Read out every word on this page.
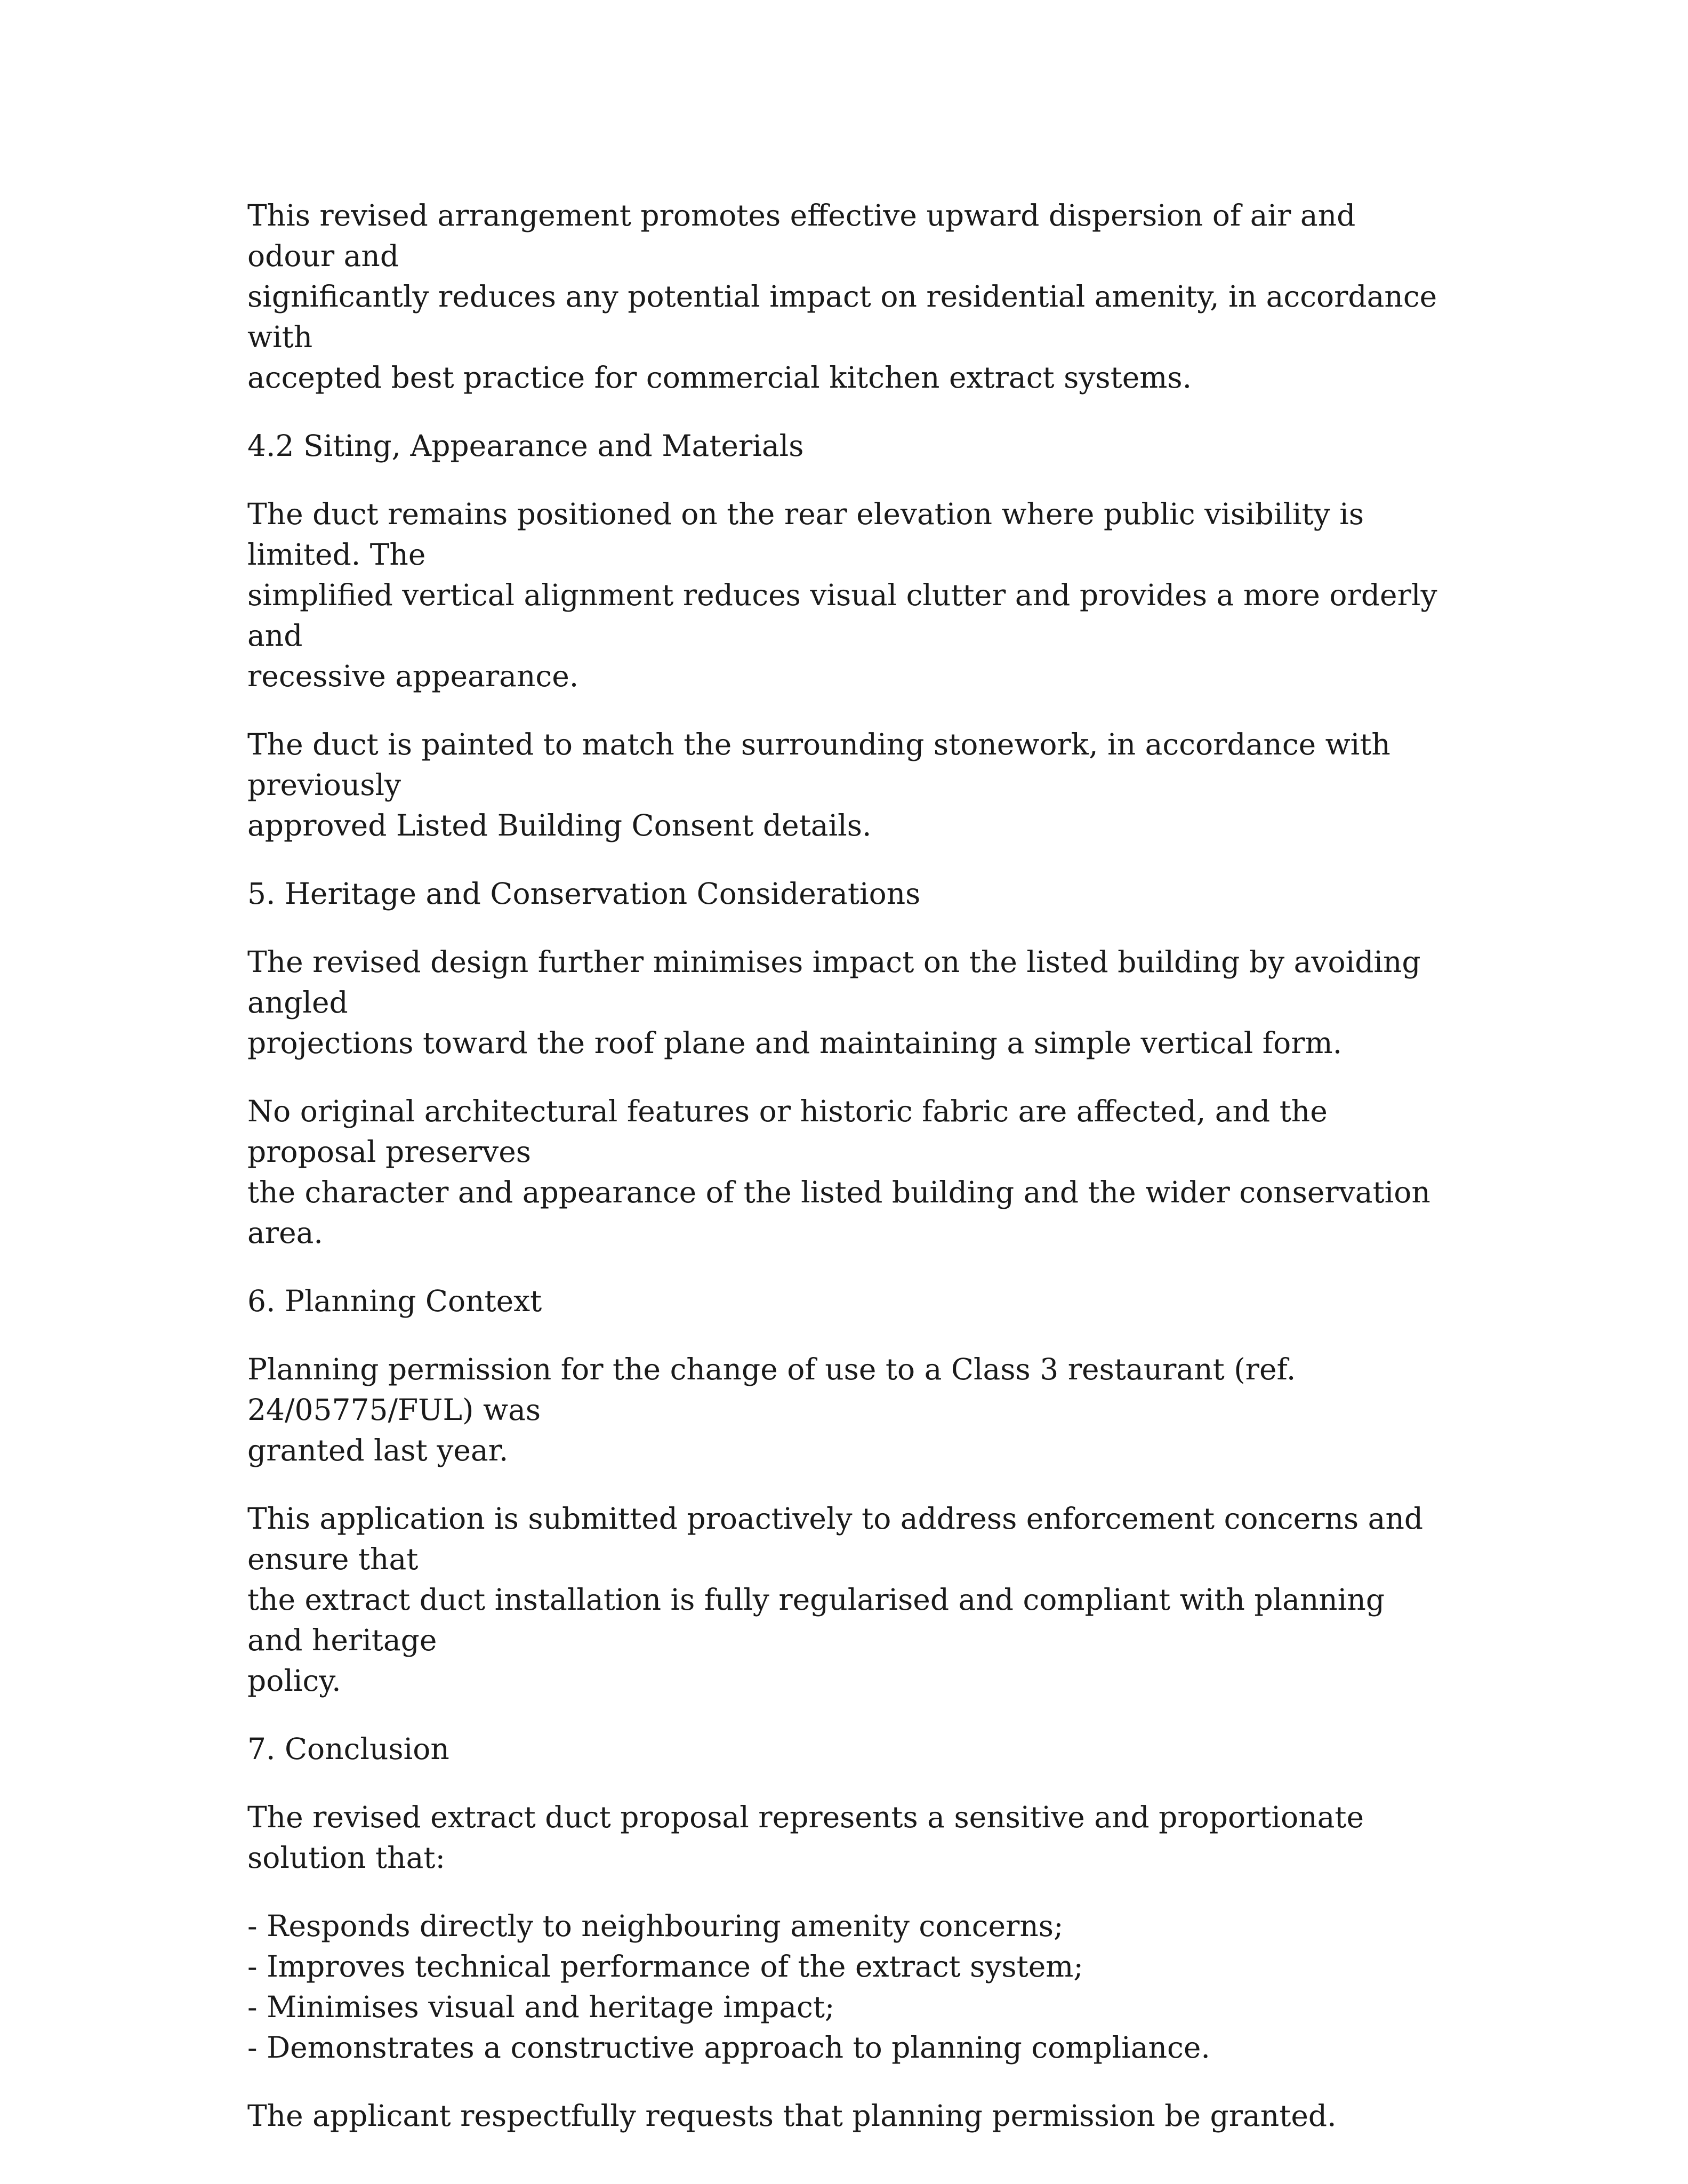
This revised arrangement promotes effective upward dispersion of air and odour and
significantly reduces any potential impact on residential amenity, in accordance with
accepted best practice for commercial kitchen extract systems.

4.2 Siting, Appearance and Materials

The duct remains positioned on the rear elevation where public visibility is limited. The
simplified vertical alignment reduces visual clutter and provides a more orderly and
recessive appearance.

The duct is painted to match the surrounding stonework, in accordance with previously
approved Listed Building Consent details.

5. Heritage and Conservation Considerations

The revised design further minimises impact on the listed building by avoiding angled
projections toward the roof plane and maintaining a simple vertical form.

No original architectural features or historic fabric are affected, and the proposal preserves
the character and appearance of the listed building and the wider conservation area.

6. Planning Context

Planning permission for the change of use to a Class 3 restaurant (ref. 24/05775/FUL) was
granted last year.

This application is submitted proactively to address enforcement concerns and ensure that
the extract duct installation is fully regularised and compliant with planning and heritage
policy.

7. Conclusion

The revised extract duct proposal represents a sensitive and proportionate solution that:

- Responds directly to neighbouring amenity concerns;
- Improves technical performance of the extract system;
- Minimises visual and heritage impact;
- Demonstrates a constructive approach to planning compliance.

The applicant respectfully requests that planning permission be granted.
